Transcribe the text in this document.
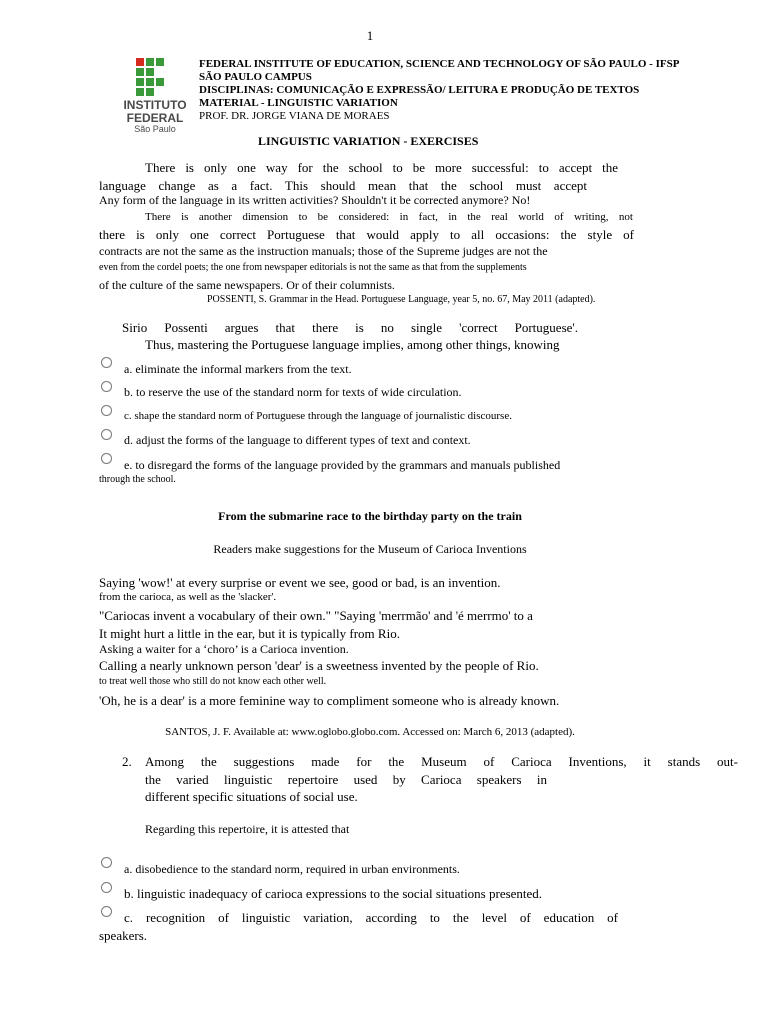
1
INSTITUTO
FEDERAL
São Paulo
FEDERAL INSTITUTE OF EDUCATION, SCIENCE AND TECHNOLOGY OF SÃO PAULO - IFSP
SÃO PAULO CAMPUS
DISCIPLINAS: COMUNICAÇÃO E EXPRESSÃO/ LEITURA E PRODUÇÃO DE TEXTOS
MATERIAL - LINGUISTIC VARIATION
PROF. DR. JORGE VIANA DE MORAES
LINGUISTIC VARIATION - EXERCISES
There is only one way for the school to be more successful: to accept the
language change as a fact. This should mean that the school must accept
Any form of the language in its written activities? Shouldn't it be corrected anymore? No!
There is another dimension to be considered: in fact, in the real world of writing, not
there is only one correct Portuguese that would apply to all occasions: the style of
contracts are not the same as the instruction manuals; those of the Supreme judges are not the
even from the cordel poets; the one from newspaper editorials is not the same as that from the supplements
of the culture of the same newspapers. Or of their columnists.
POSSENTI, S. Grammar in the Head. Portuguese Language, year 5, no. 67, May 2011 (adapted).
Sirio Possenti argues that there is no single 'correct Portuguese'.
Thus, mastering the Portuguese language implies, among other things, knowing
a. eliminate the informal markers from the text.
b. to reserve the use of the standard norm for texts of wide circulation.
c. shape the standard norm of Portuguese through the language of journalistic discourse.
d. adjust the forms of the language to different types of text and context.
e. to disregard the forms of the language provided by the grammars and manuals published
through the school.
From the submarine race to the birthday party on the train
Readers make suggestions for the Museum of Carioca Inventions
Saying 'wow!' at every surprise or event we see, good or bad, is an invention.
from the carioca, as well as the 'slacker'.
"Cariocas invent a vocabulary of their own." "Saying 'merrmão' and 'é merrmo' to a
It might hurt a little in the ear, but it is typically from Rio.
Asking a waiter for a ‘choro’ is a Carioca invention.
Calling a nearly unknown person 'dear' is a sweetness invented by the people of Rio.
to treat well those who still do not know each other well.
'Oh, he is a dear' is a more feminine way to compliment someone who is already known.
SANTOS, J. F. Available at: www.oglobo.globo.com. Accessed on: March 6, 2013 (adapted).
2. Among the suggestions made for the Museum of Carioca Inventions, it stands out-
the varied linguistic repertoire used by Carioca speakers in
different specific situations of social use.
Regarding this repertoire, it is attested that
a. disobedience to the standard norm, required in urban environments.
b. linguistic inadequacy of carioca expressions to the social situations presented.
c. recognition of linguistic variation, according to the level of education of
speakers.
